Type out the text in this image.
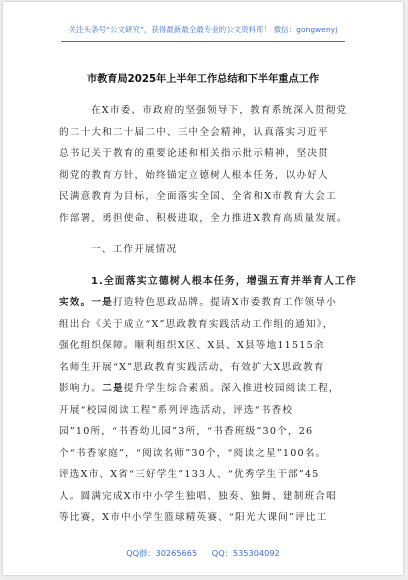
关注头条号“公文研究”，获得最新最全最专业的公文资料库！ 微信：gongwenyj
市教育局2025年上半年工作总结和下半年重点工作
在X市委、市政府的坚强领导下，教育系统深入贯彻党
的二十大和二十届二中、三中全会精神，认真落实习近平
总书记关于教育的重要论述和相关指示批示精神，坚决贯
彻党的教育方针，始终锚定立德树人根本任务，以办好人
民满意教育为目标，全面落实全国、全省和X市教育大会工
作部署，勇担使命、积极进取，全力推进X教育高质量发展。
一、工作开展情况
1.全面落实立德树人根本任务，增强五育并举育人工作
实效。一是打造特色思政品牌。提请X市委教育工作领导小
组出台《关于成立“X”思政教育实践活动工作组的通知》，
强化组织保障。顺利组织X区、X县、X县等地11515余
名师生开展“X”思政教育实践活动，有效扩大X思政教育
影响力。二是提升学生综合素质。深入推进校园阅读工程，
开展“校园阅读工程”系列评选活动，评选“书香校
园”10所，“书香幼儿园”3所，“书香班级”30个，26
个“书香家庭”，“阅读名师”30个，“阅读之星”100名。
评选X市、X省“三好学生”133人、“优秀学生干部”45
人。圆满完成X市中小学生独唱、独奏、独舞、建制班合唱
等比赛，X市中小学生篮球精英赛、“阳光大课间”评比工
QQ群：30265665 QQ：535304092
